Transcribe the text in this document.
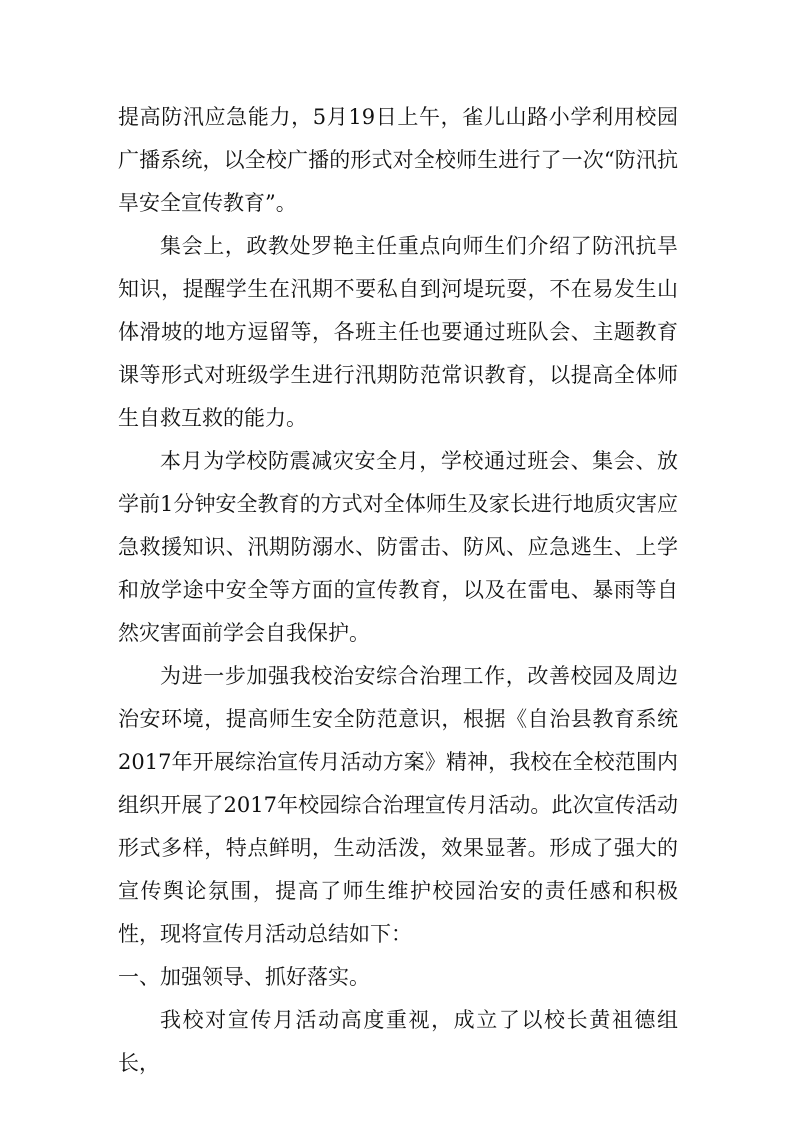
提高防汛应急能力，5月19日上午，雀儿山路小学利用校园广播系统，以全校广播的形式对全校师生进行了一次“防汛抗旱安全宣传教育”。

集会上，政教处罗艳主任重点向师生们介绍了防汛抗旱知识，提醒学生在汛期不要私自到河堤玩耍，不在易发生山体滑坡的地方逗留等，各班主任也要通过班队会、主题教育课等形式对班级学生进行汛期防范常识教育，以提高全体师生自救互救的能力。

本月为学校防震减灾安全月，学校通过班会、集会、放学前1分钟安全教育的方式对全体师生及家长进行地质灾害应急救援知识、汛期防溺水、防雷击、防风、应急逃生、上学和放学途中安全等方面的宣传教育，以及在雷电、暴雨等自然灾害面前学会自我保护。

为进一步加强我校治安综合治理工作，改善校园及周边治安环境，提高师生安全防范意识，根据《自治县教育系统2017年开展综治宣传月活动方案》精神，我校在全校范围内组织开展了2017年校园综合治理宣传月活动。此次宣传活动形式多样，特点鲜明，生动活泼，效果显著。形成了强大的宣传舆论氛围，提高了师生维护校园治安的责任感和积极性，现将宣传月活动总结如下：

一、加强领导、抓好落实。

我校对宣传月活动高度重视，成立了以校长黄祖德组长，
